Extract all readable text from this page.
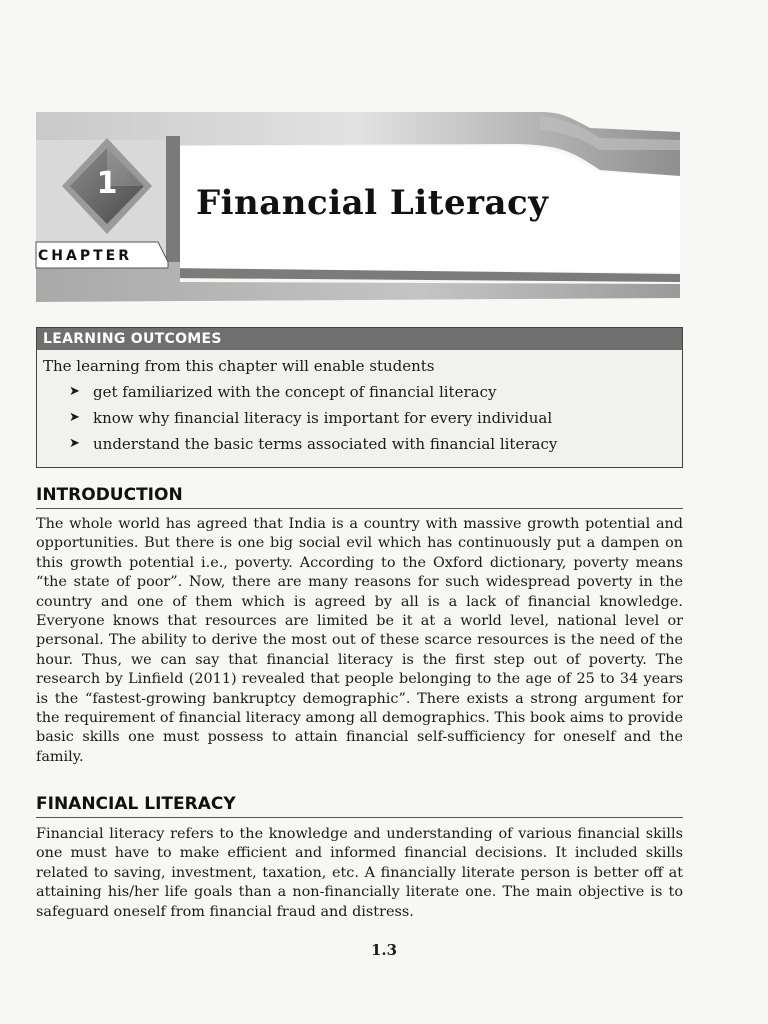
1
CHAPTER
Financial Literacy
LEARNING OUTCOMES
The learning from this chapter will enable students
➤ get familiarized with the concept of financial literacy
➤ know why financial literacy is important for every individual
➤ understand the basic terms associated with financial literacy
INTRODUCTION

The whole world has agreed that India is a country with massive growth potential and opportunities. But there is one big social evil which has continuously put a dampen on this growth potential i.e., poverty. According to the Oxford dictionary, poverty means “the state of poor”. Now, there are many reasons for such widespread poverty in the country and one of them which is agreed by all is a lack of financial knowledge. Everyone knows that resources are limited be it at a world level, national level or personal. The ability to derive the most out of these scarce resources is the need of the hour. Thus, we can say that financial literacy is the first step out of poverty. The research by Linfield (2011) revealed that people belonging to the age of 25 to 34 years is the “fastest-growing bankruptcy demographic”. There exists a strong argument for the requirement of financial literacy among all demographics. This book aims to provide basic skills one must possess to attain financial self-sufficiency for oneself and the family.

FINANCIAL LITERACY

Financial literacy refers to the knowledge and understanding of various financial skills one must have to make efficient and informed financial decisions. It included skills related to saving, investment, taxation, etc. A financially literate person is better off at attaining his/her life goals than a non-financially literate one. The main objective is to safeguard oneself from financial fraud and distress.

1.3
